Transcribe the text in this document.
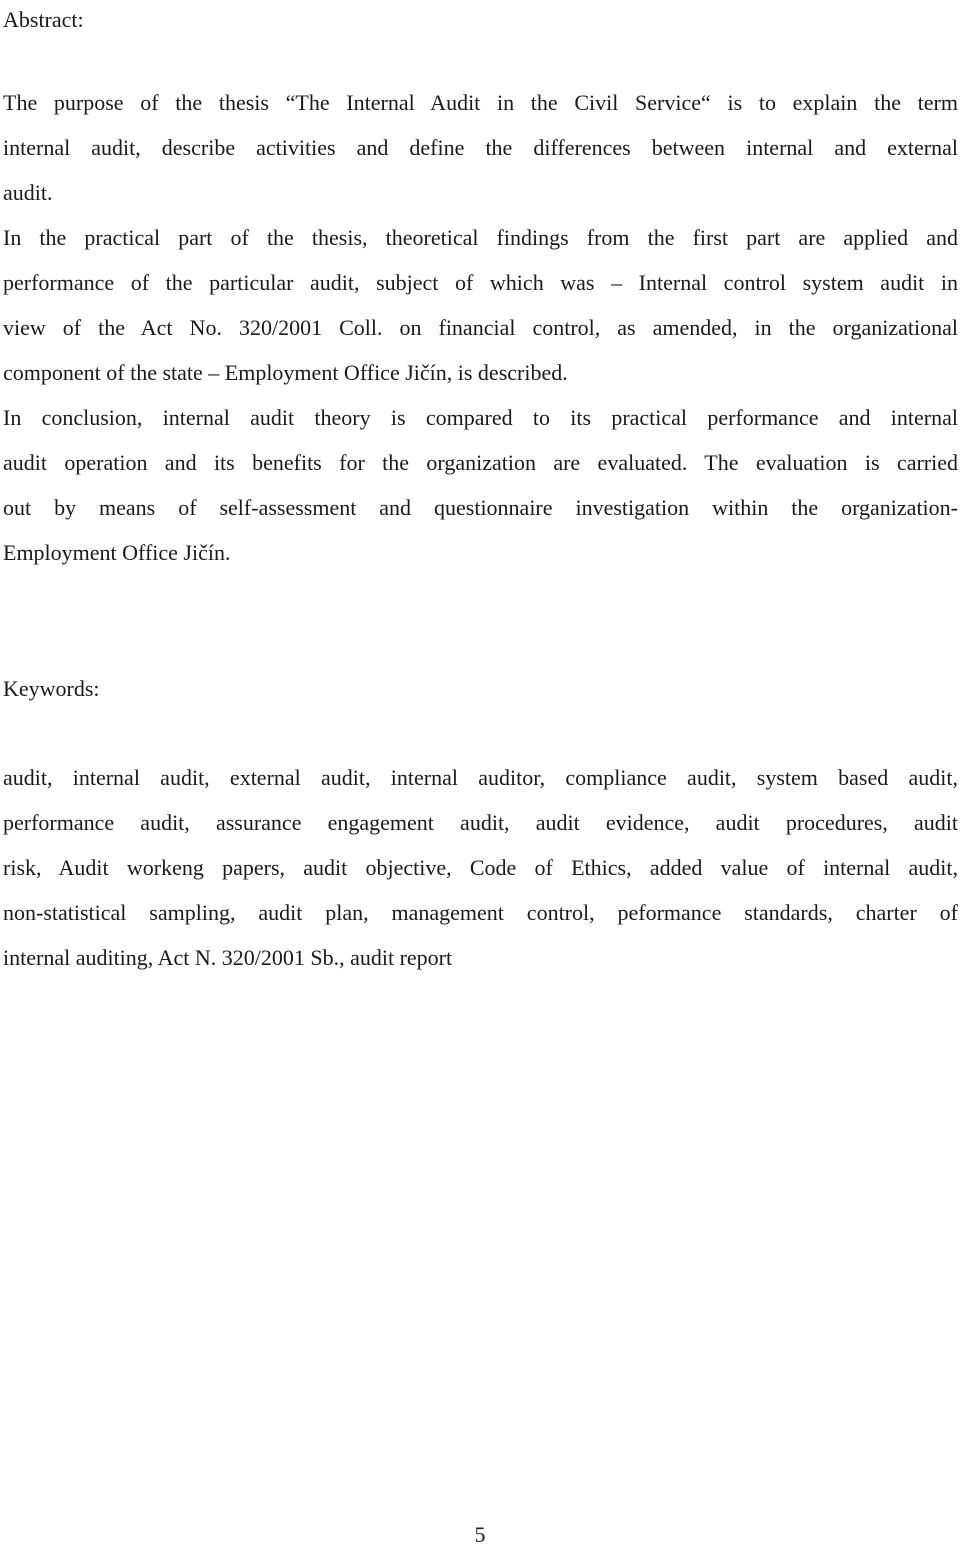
Abstract:
The purpose of the thesis “The Internal Audit in the Civil Service“ is to explain the term
internal audit, describe activities and define the differences between internal and external
audit.
In the practical part of the thesis, theoretical findings from the first part are applied and
performance of the particular audit, subject of which was – Internal control system audit in
view of the Act No. 320/2001 Coll. on financial control, as amended, in the organizational
component of the state – Employment Office Jičín, is described.
In conclusion, internal audit theory is compared to its practical performance and internal
audit operation and its benefits for the organization are evaluated. The evaluation is carried
out by means of self-assessment and questionnaire investigation within the organization-
Employment Office Jičín.
Keywords:
audit, internal audit, external audit, internal auditor, compliance audit, system based audit,
performance audit, assurance engagement audit, audit evidence, audit procedures, audit
risk, Audit workeng papers, audit objective, Code of Ethics, added value of internal audit,
non-statistical sampling, audit plan, management control, peformance standards, charter of
internal auditing, Act N. 320/2001 Sb., audit report
5
